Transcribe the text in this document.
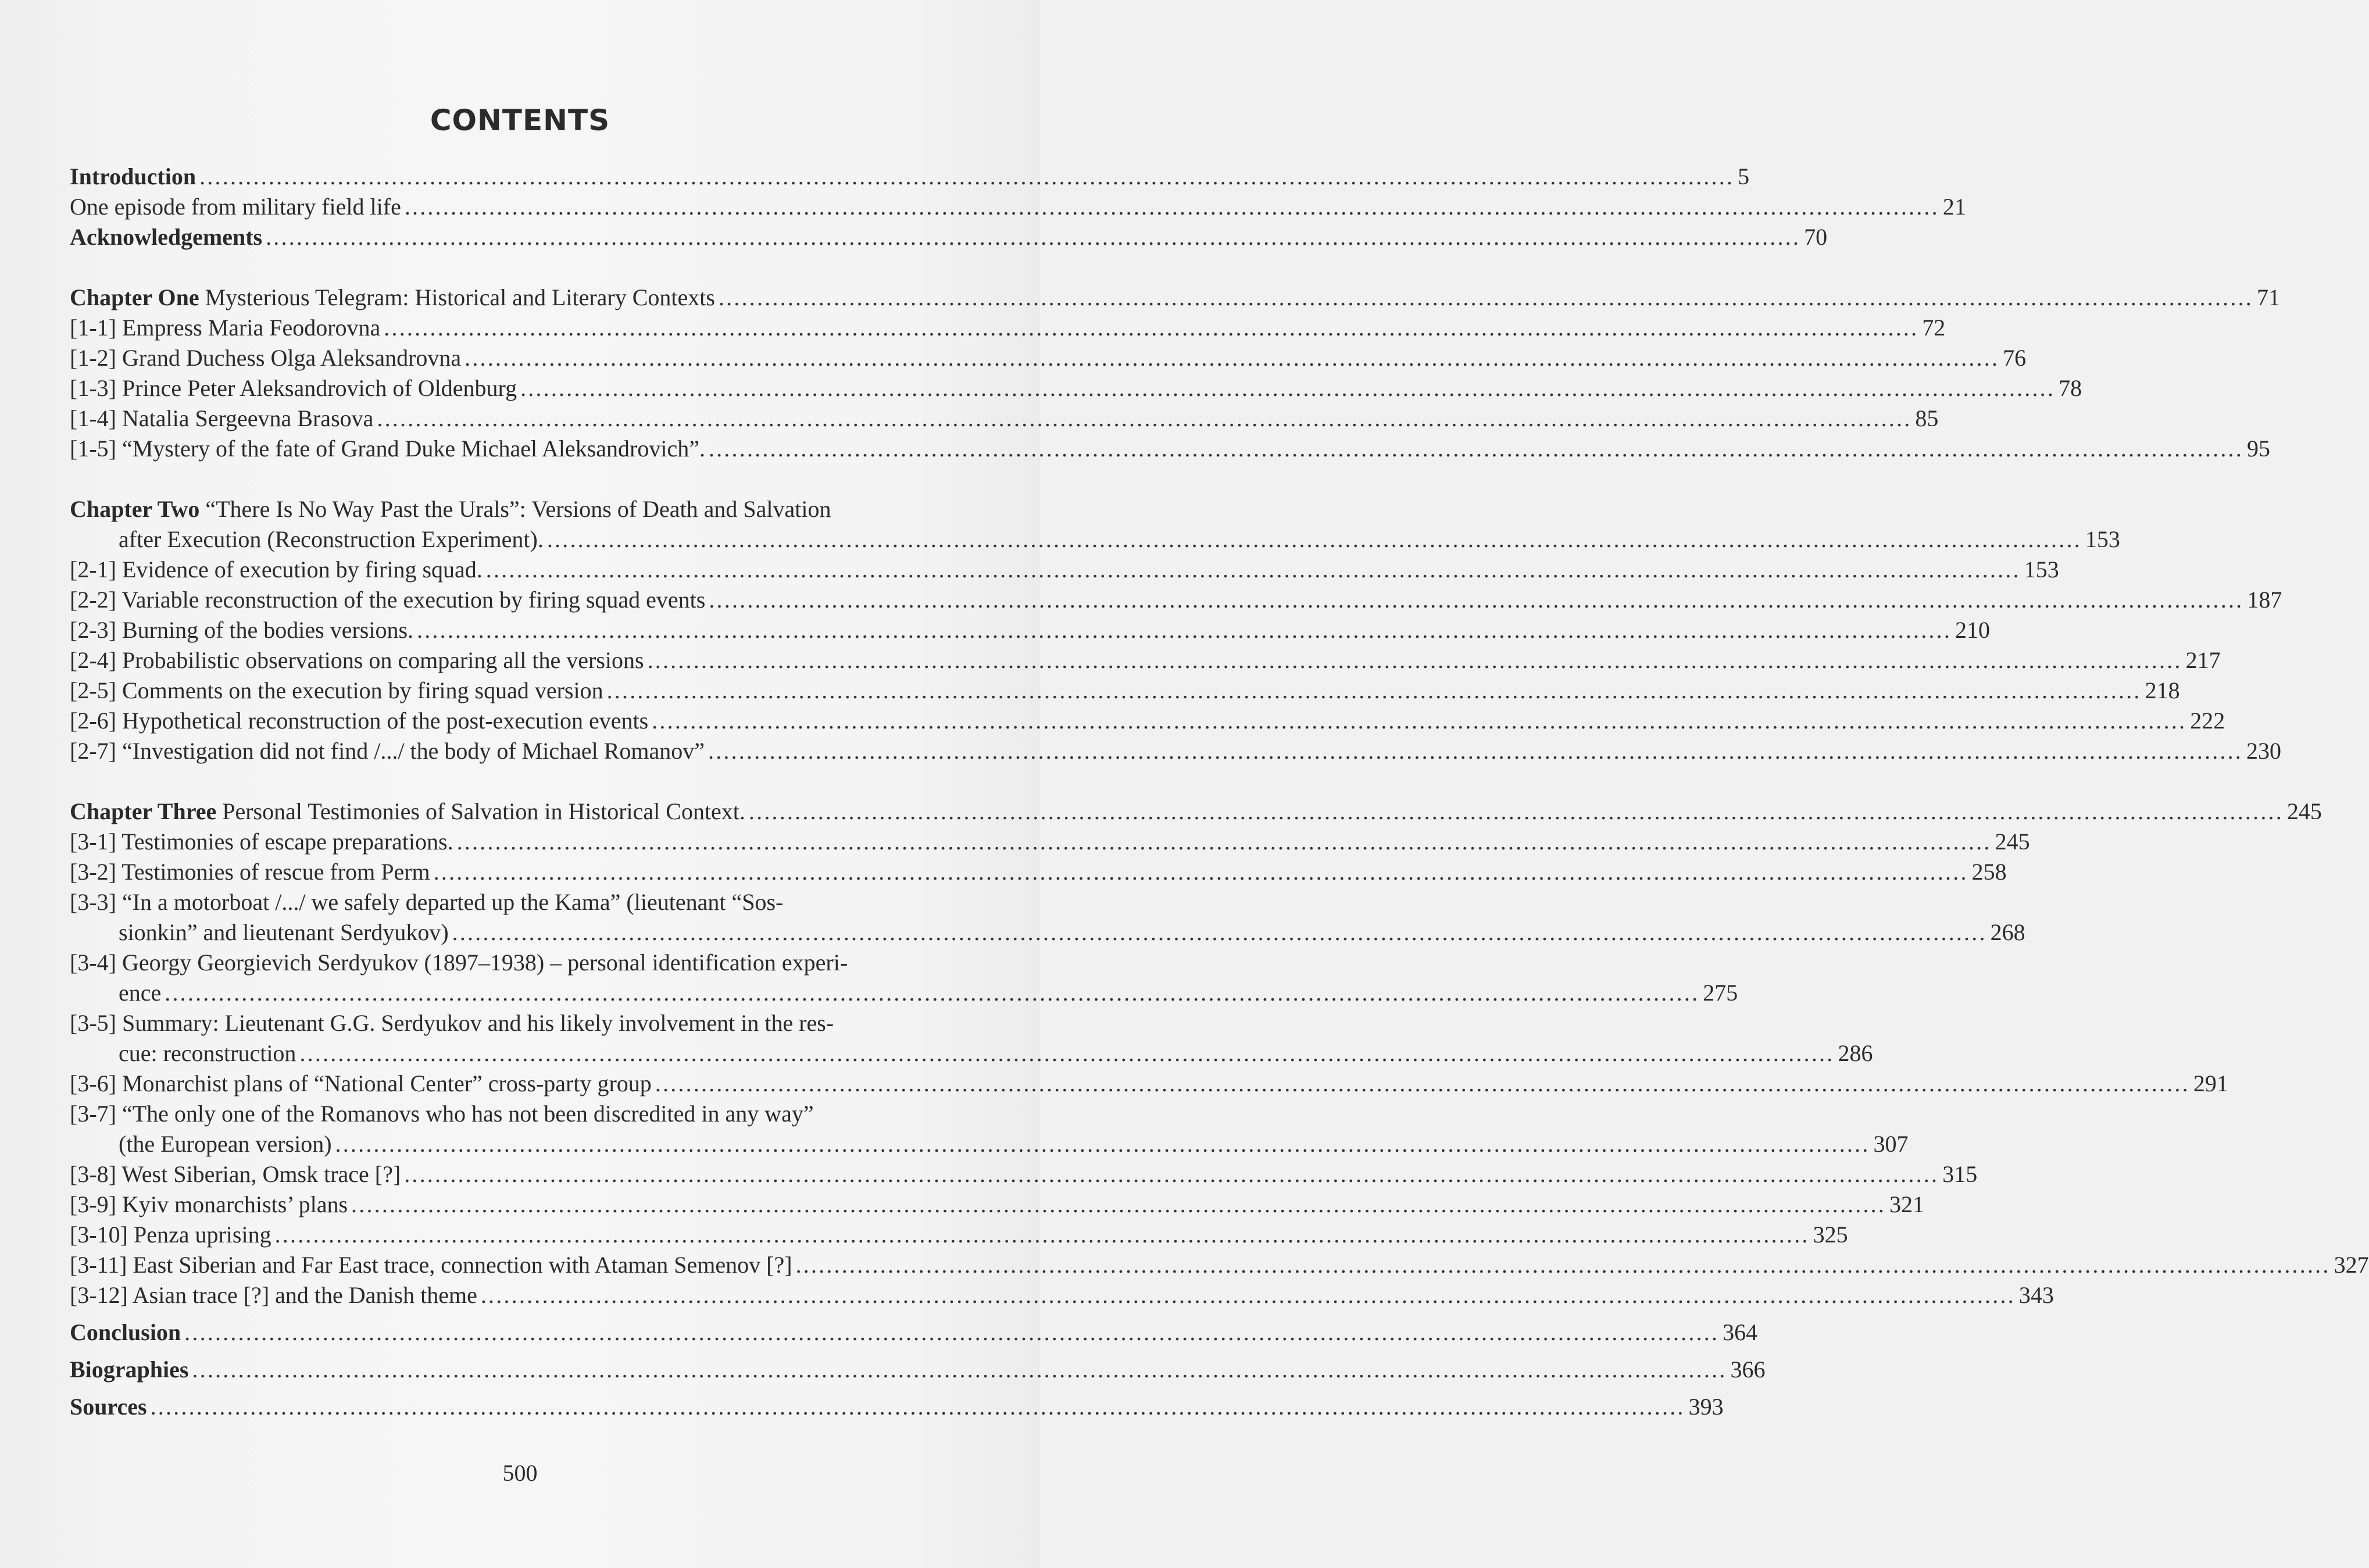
CONTENTS
Introduction ........................................................................................................................................................................................................ 5
One episode from military field life ........................................................................................................................................................................................................ 21
Acknowledgements ........................................................................................................................................................................................................ 70
Chapter One Mysterious Telegram: Historical and Literary Contexts ........................................................................................................................................................................................................ 71
[1-1] Empress Maria Feodorovna ........................................................................................................................................................................................................ 72
[1-2] Grand Duchess Olga Aleksandrovna ........................................................................................................................................................................................................ 76
[1-3] Prince Peter Aleksandrovich of Oldenburg ........................................................................................................................................................................................................ 78
[1-4] Natalia Sergeevna Brasova ........................................................................................................................................................................................................ 85
[1-5] “Mystery of the fate of Grand Duke Michael Aleksandrovich”. ........................................................................................................................................................................................................ 95
Chapter Two “There Is No Way Past the Urals”: Versions of Death and Salvation
after Execution (Reconstruction Experiment). ........................................................................................................................................................................................................ 153
[2-1] Evidence of execution by firing squad. ........................................................................................................................................................................................................ 153
[2-2] Variable reconstruction of the execution by firing squad events ........................................................................................................................................................................................................ 187
[2-3] Burning of the bodies versions. ........................................................................................................................................................................................................ 210
[2-4] Probabilistic observations on comparing all the versions ........................................................................................................................................................................................................ 217
[2-5] Comments on the execution by firing squad version ........................................................................................................................................................................................................ 218
[2-6] Hypothetical reconstruction of the post-execution events ........................................................................................................................................................................................................ 222
[2-7] “Investigation did not find /.../ the body of Michael Romanov” ........................................................................................................................................................................................................ 230
Chapter Three Personal Testimonies of Salvation in Historical Context. ........................................................................................................................................................................................................ 245
[3-1] Testimonies of escape preparations. ........................................................................................................................................................................................................ 245
[3-2] Testimonies of rescue from Perm ........................................................................................................................................................................................................ 258
[3-3] “In a motorboat /.../ we safely departed up the Kama” (lieutenant “Sos-
sionkin” and lieutenant Serdyukov) ........................................................................................................................................................................................................ 268
[3-4] Georgy Georgievich Serdyukov (1897–1938) – personal identification experi-
ence ........................................................................................................................................................................................................ 275
[3-5] Summary: Lieutenant G.G. Serdyukov and his likely involvement in the res-
cue: reconstruction ........................................................................................................................................................................................................ 286
[3-6] Monarchist plans of “National Center” cross-party group ........................................................................................................................................................................................................ 291
[3-7] “The only one of the Romanovs who has not been discredited in any way”
(the European version) ........................................................................................................................................................................................................ 307
[3-8] West Siberian, Omsk trace [?] ........................................................................................................................................................................................................ 315
[3-9] Kyiv monarchists’ plans ........................................................................................................................................................................................................ 321
[3-10] Penza uprising ........................................................................................................................................................................................................ 325
[3-11] East Siberian and Far East trace, connection with Ataman Semenov [?] ........................................................................................................................................................................................................ 327
[3-12] Asian trace [?] and the Danish theme ........................................................................................................................................................................................................ 343
Conclusion ........................................................................................................................................................................................................ 364
Biographies ........................................................................................................................................................................................................ 366
Sources ........................................................................................................................................................................................................ 393
500
